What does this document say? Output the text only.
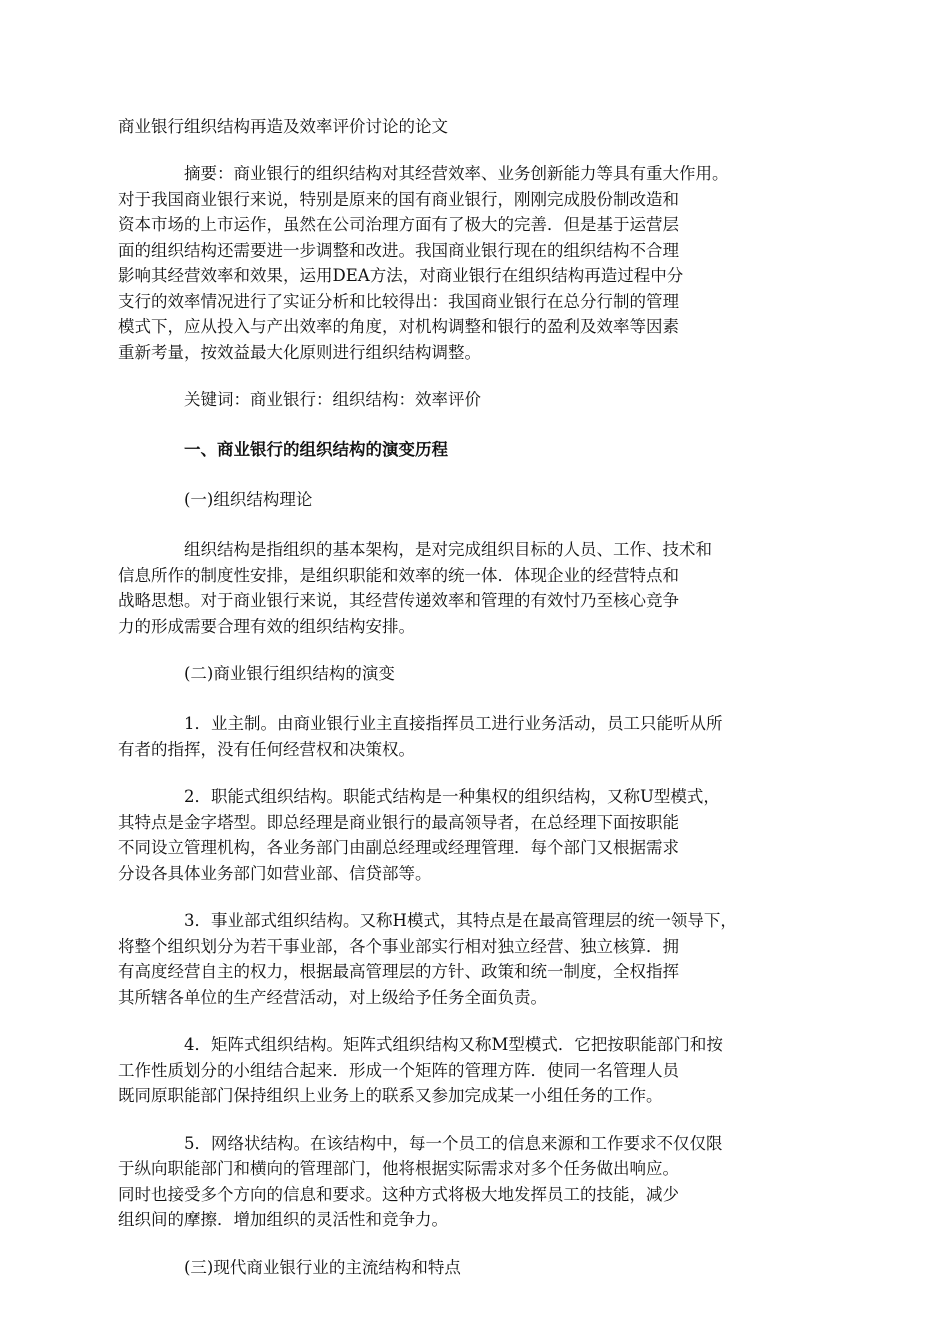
商业银行组织结构再造及效率评价讨论的论文
摘要：商业银行的组织结构对其经营效率、业务创新能力等具有重大作用。
对于我国商业银行来说，特别是原来的国有商业银行，刚刚完成股份制改造和
资本市场的上市运作，虽然在公司治理方面有了极大的完善．但是基于运营层
面的组织结构还需要进一步调整和改进。我国商业银行现在的组织结构不合理
影响其经营效率和效果，运用DEA方法，对商业银行在组织结构再造过程中分
支行的效率情况进行了实证分析和比较得出：我国商业银行在总分行制的管理
模式下，应从投入与产出效率的角度，对机构调整和银行的盈利及效率等因素
重新考量，按效益最大化原则进行组织结构调整。
关键词：商业银行：组织结构：效率评价
一、商业银行的组织结构的演变历程
(一)组织结构理论
组织结构是指组织的基本架构，是对完成组织目标的人员、工作、技术和
信息所作的制度性安排，是组织职能和效率的统一体．体现企业的经营特点和
战略思想。对于商业银行来说，其经营传递效率和管理的有效忖乃至核心竞争
力的形成需要合理有效的组织结构安排。
(二)商业银行组织结构的演变
1．业主制。由商业银行业主直接指挥员工进行业务活动，员工只能听从所
有者的指挥，没有任何经营权和决策权。
2．职能式组织结构。职能式结构是一种集权的组织结构，又称U型模式，
其特点是金字塔型。即总经理是商业银行的最高领导者，在总经理下面按职能
不同设立管理机构，各业务部门由副总经理或经理管理．每个部门又根据需求
分设各具体业务部门如营业部、信贷部等。
3．事业部式组织结构。又称H模式，其特点是在最高管理层的统一领导下，
将整个组织划分为若干事业部，各个事业部实行相对独立经营、独立核算．拥
有高度经营自主的权力，根据最高管理层的方针、政策和统一制度，全权指挥
其所辖各单位的生产经营活动，对上级给予任务全面负责。
4．矩阵式组织结构。矩阵式组织结构又称M型模式．它把按职能部门和按
工作性质划分的小组结合起来．形成一个矩阵的管理方阵．使同一名管理人员
既同原职能部门保持组织上业务上的联系又参加完成某一小组任务的工作。
5．网络状结构。在该结构中，每一个员工的信息来源和工作要求不仅仅限
于纵向职能部门和横向的管理部门，他将根据实际需求对多个任务做出响应。
同时也接受多个方向的信息和要求。这种方式将极大地发挥员工的技能，减少
组织间的摩擦．增加组织的灵活性和竞争力。
(三)现代商业银行业的主流结构和特点
